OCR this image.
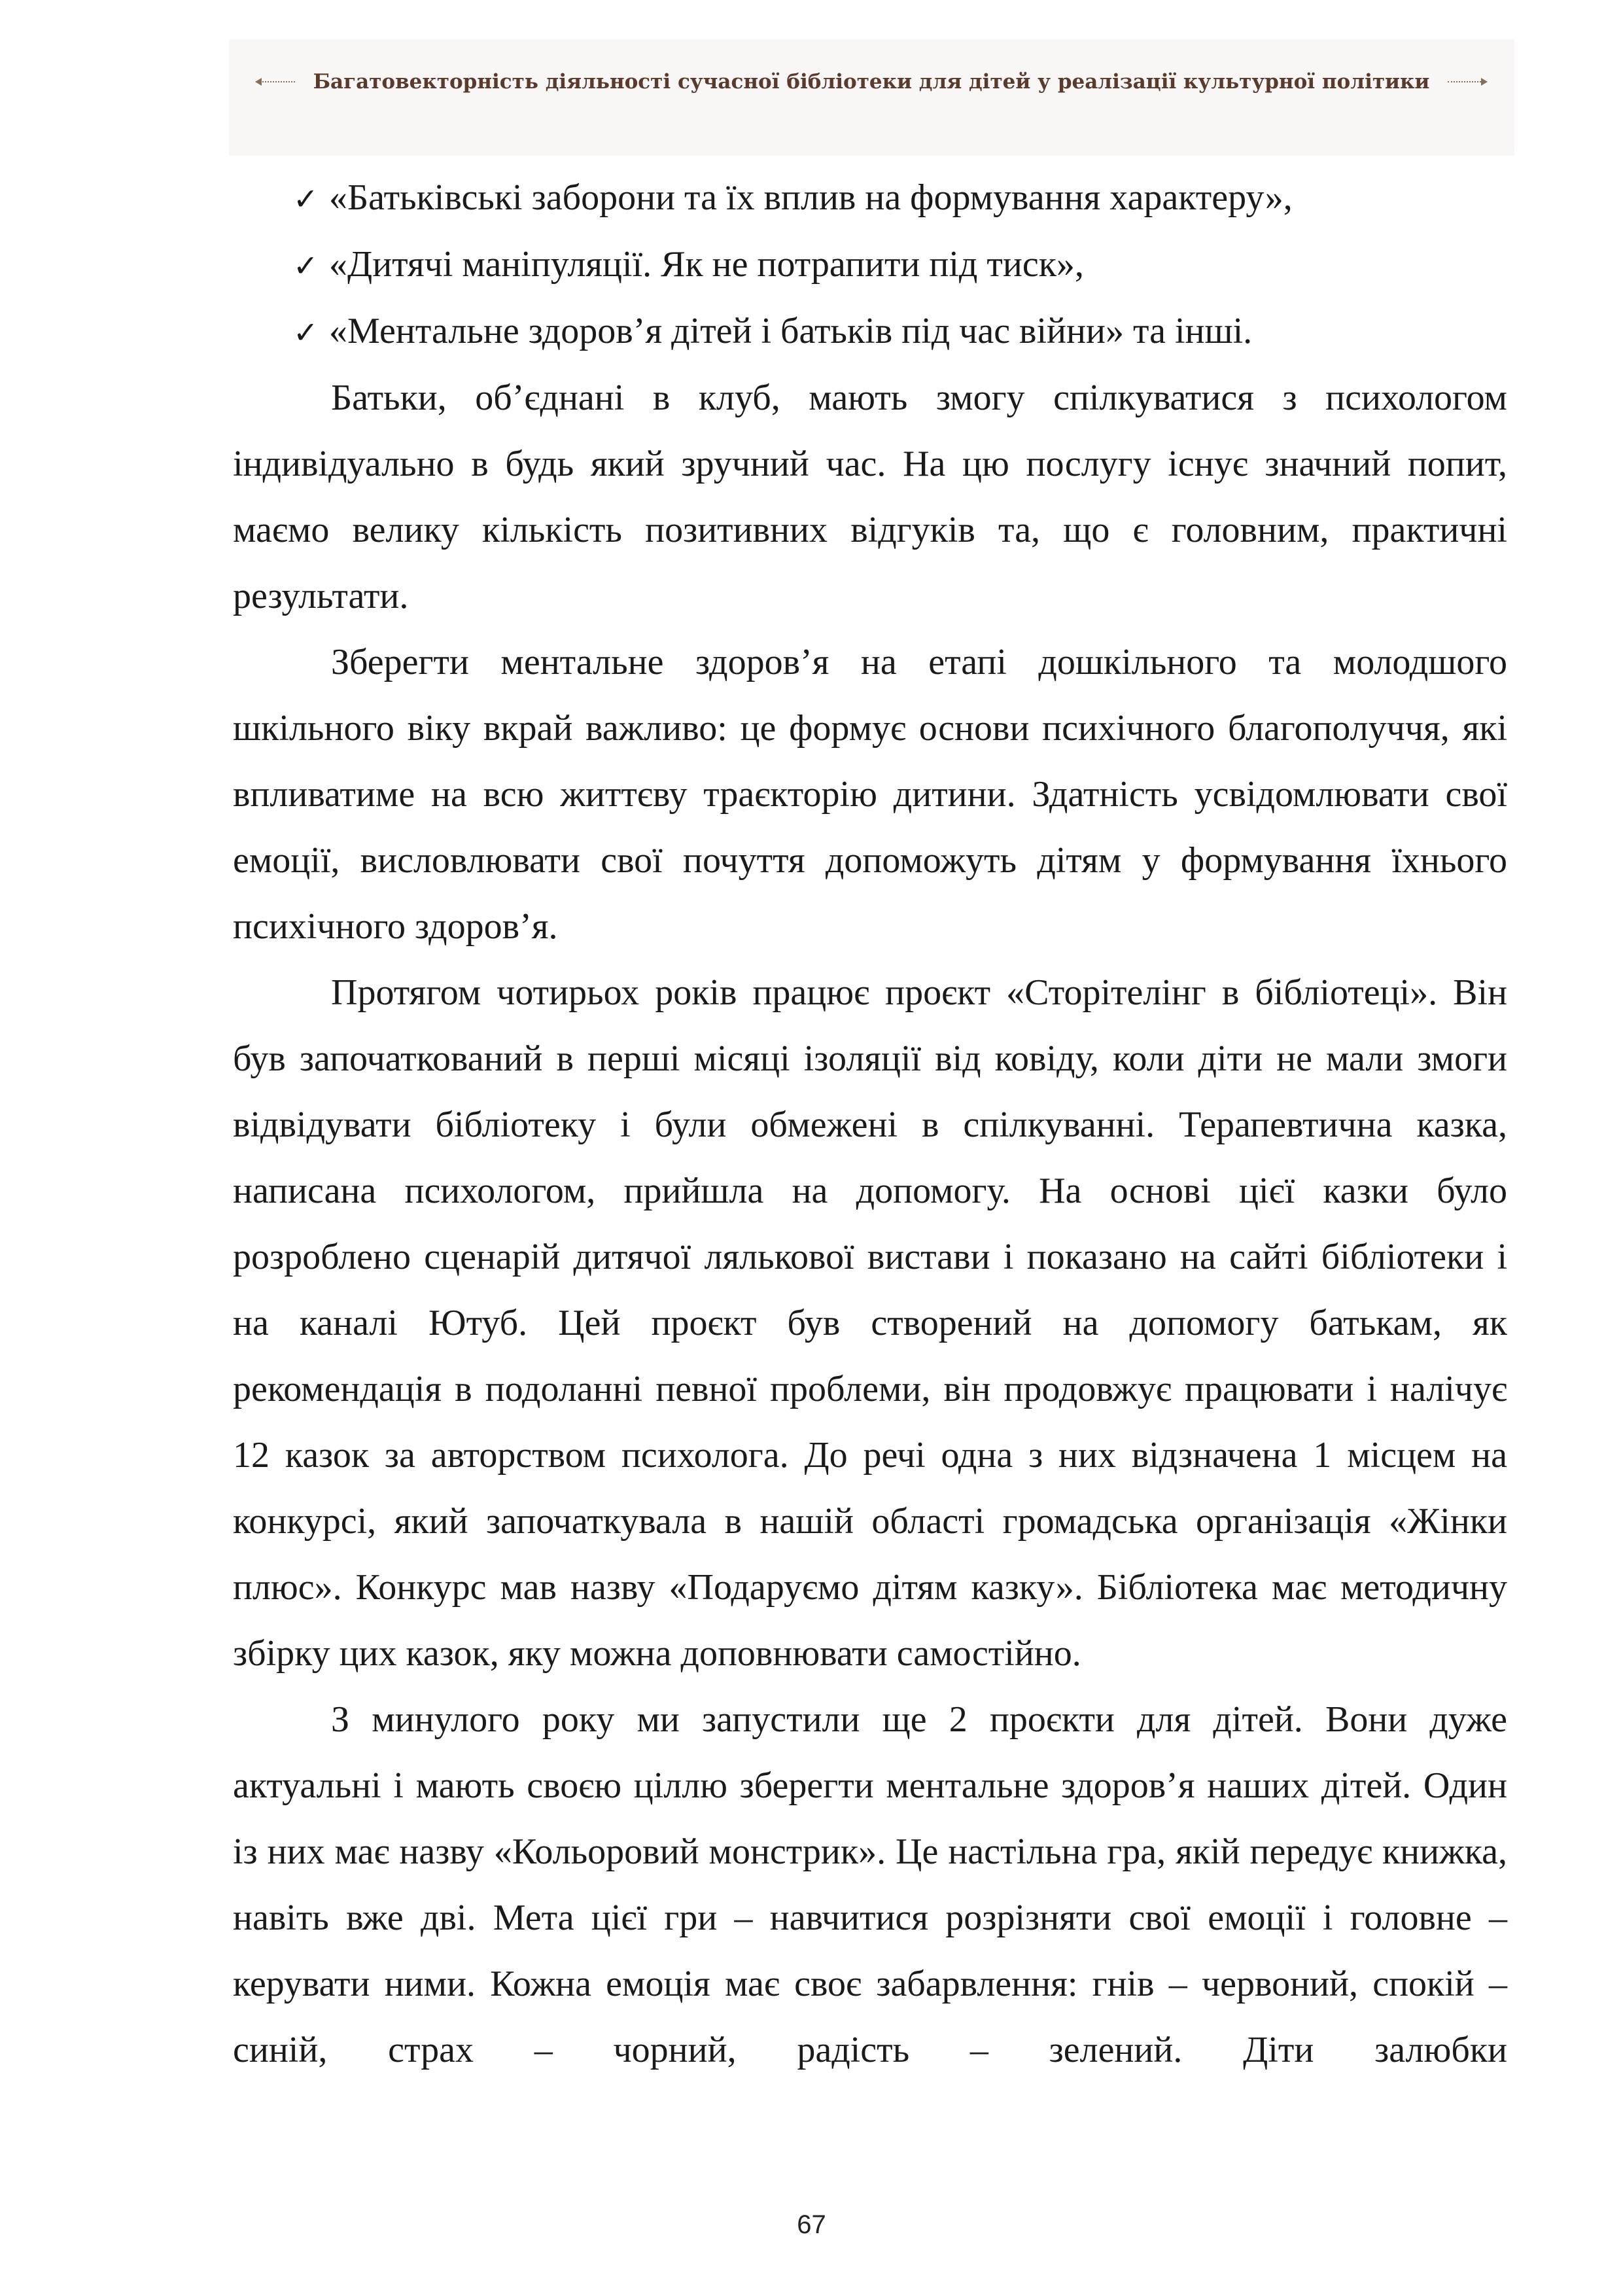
Багатовекторність діяльності сучасної бібліотеки для дітей у реалізації культурної політики
✓ «Батьківські заборони та їх вплив на формування характеру»,
✓ «Дитячі маніпуляції. Як не потрапити під тиск»,
✓ «Ментальне здоров’я дітей і батьків під час війни» та інші.

Батьки, об’єднані в клуб, мають змогу спілкуватися з психологом індивідуально в будь який зручний час. На цю послугу існує значний попит, маємо велику кількість позитивних відгуків та, що є головним, практичні результати.

Зберегти ментальне здоров’я на етапі дошкільного та молодшого шкільного віку вкрай важливо: це формує основи психічного благополуччя, які впливатиме на всю життєву траєкторію дитини. Здатність усвідомлювати свої емоції, висловлювати свої почуття допоможуть дітям у формування їхнього психічного здоров’я.

Протягом чотирьох років працює проєкт «Сторітелінг в бібліотеці». Він був започаткований в перші місяці ізоляції від ковіду, коли діти не мали змоги відвідувати бібліотеку і були обмежені в спілкуванні. Терапевтична казка, написана психологом, прийшла на допомогу. На основі цієї казки було розроблено сценарій дитячої лялькової вистави і показано на сайті бібліотеки і на каналі Ютуб. Цей проєкт був створений на допомогу батькам, як рекомендація в подоланні певної проблеми, він продовжує працювати і налічує 12 казок за авторством психолога. До речі одна з них відзначена 1 місцем на конкурсі, який започаткувала в нашій області громадська організація «Жінки плюс». Конкурс мав назву «Подаруємо дітям казку». Бібліотека має методичну збірку цих казок, яку можна доповнювати самостійно.

З минулого року ми запустили ще 2 проєкти для дітей. Вони дуже актуальні і мають своєю ціллю зберегти ментальне здоров’я наших дітей. Один із них має назву «Кольоровий монстрик». Це настільна гра, якій передує книжка, навіть вже дві. Мета цієї гри – навчитися розрізняти свої емоції і головне – керувати ними. Кожна емоція має своє забарвлення: гнів – червоний, спокій – синій, страх – чорний, радість – зелений. Діти залюбки

67
